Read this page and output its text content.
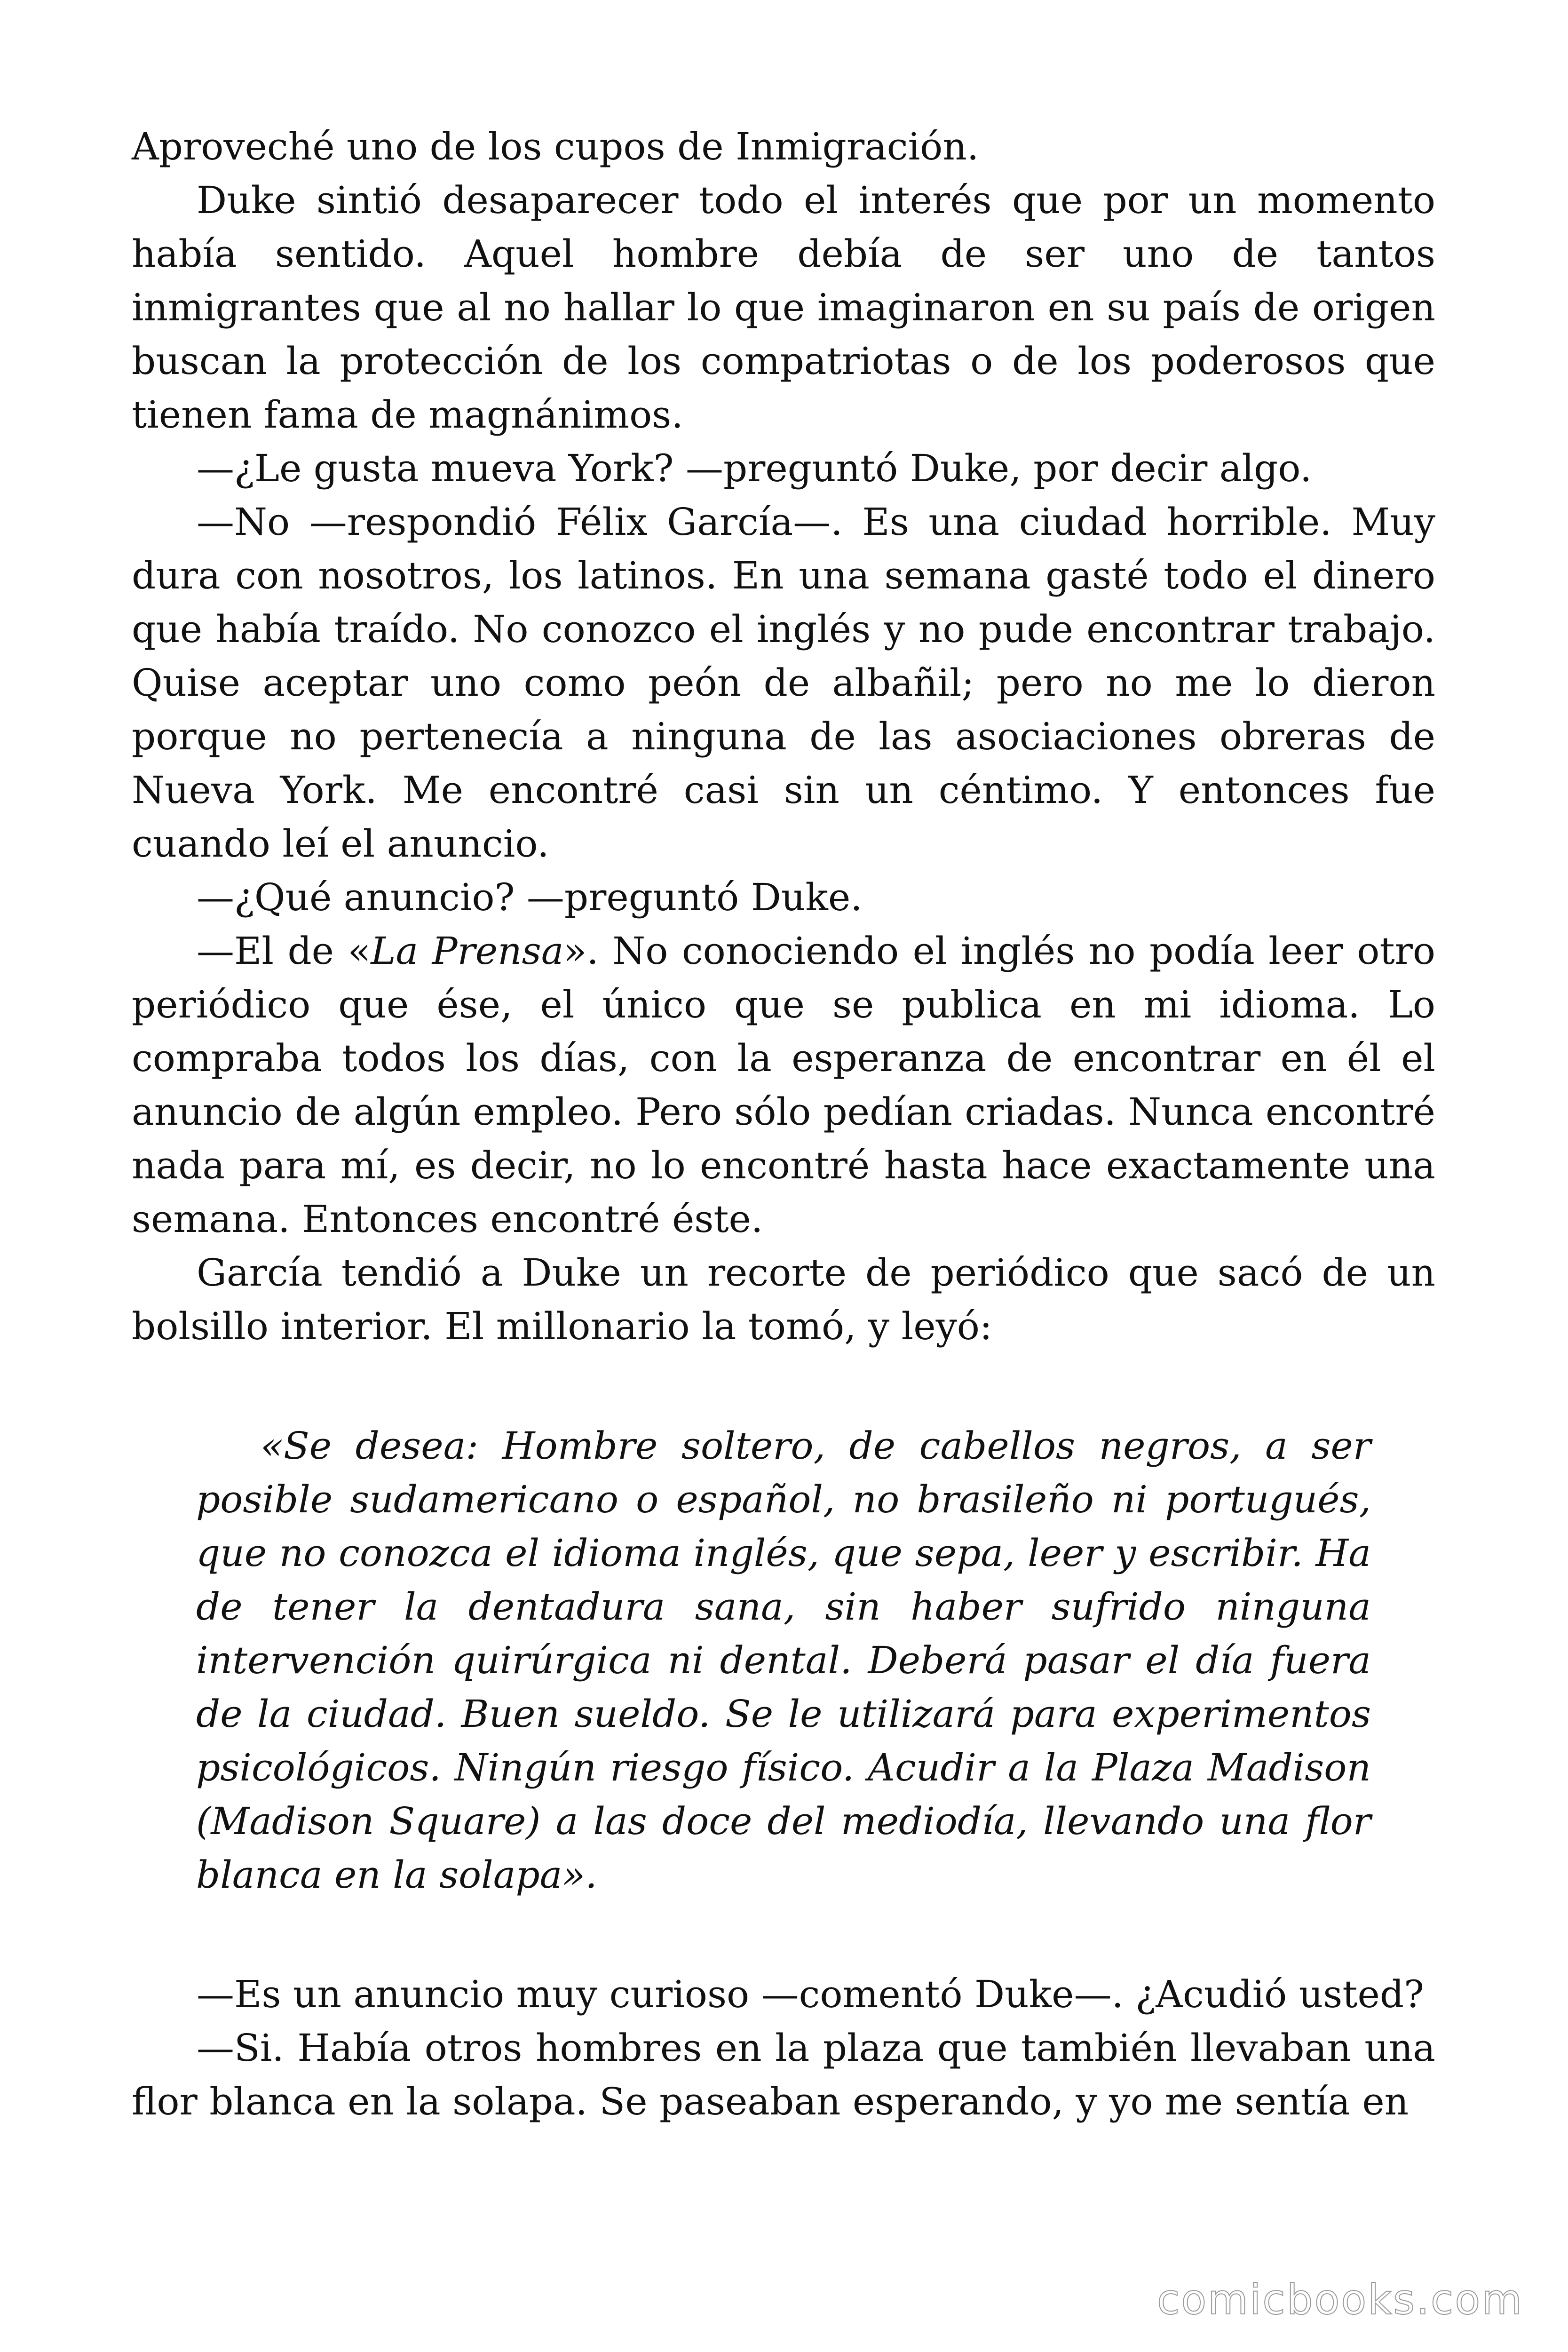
Aproveché uno de los cupos de Inmigración.

Duke sintió desaparecer todo el interés que por un momento había sentido. Aquel hombre debía de ser uno de tantos inmigrantes que al no hallar lo que imaginaron en su país de origen buscan la protección de los compatriotas o de los poderosos que tienen fama de magnánimos.

—¿Le gusta mueva York? —preguntó Duke, por decir algo.

—No —respondió Félix García—. Es una ciudad horrible. Muy dura con nosotros, los latinos. En una semana gasté todo el dinero que había traído. No conozco el inglés y no pude encontrar trabajo. Quise aceptar uno como peón de albañil; pero no me lo dieron porque no pertenecía a ninguna de las asociaciones obreras de Nueva York. Me encontré casi sin un céntimo. Y entonces fue cuando leí el anuncio.

—¿Qué anuncio? —preguntó Duke.

—El de «La Prensa». No conociendo el inglés no podía leer otro periódico que ése, el único que se publica en mi idioma. Lo compraba todos los días, con la esperanza de encontrar en él el anuncio de algún empleo. Pero sólo pedían criadas. Nunca encontré nada para mí, es decir, no lo encontré hasta hace exactamente una semana. Entonces encontré éste.

García tendió a Duke un recorte de periódico que sacó de un bolsillo interior. El millonario la tomó, y leyó:

«Se desea: Hombre soltero, de cabellos negros, a ser posible sudamericano o español, no brasileño ni portugués, que no conozca el idioma inglés, que sepa, leer y escribir. Ha de tener la dentadura sana, sin haber sufrido ninguna intervención quirúrgica ni dental. Deberá pasar el día fuera de la ciudad. Buen sueldo. Se le utilizará para experimentos psicológicos. Ningún riesgo físico. Acudir a la Plaza Madison (Madison Square) a las doce del mediodía, llevando una flor blanca en la solapa».

—Es un anuncio muy curioso —comentó Duke—. ¿Acudió usted?

—Si. Había otros hombres en la plaza que también llevaban una flor blanca en la solapa. Se paseaban esperando, y yo me sentía en

comicbooks.com
